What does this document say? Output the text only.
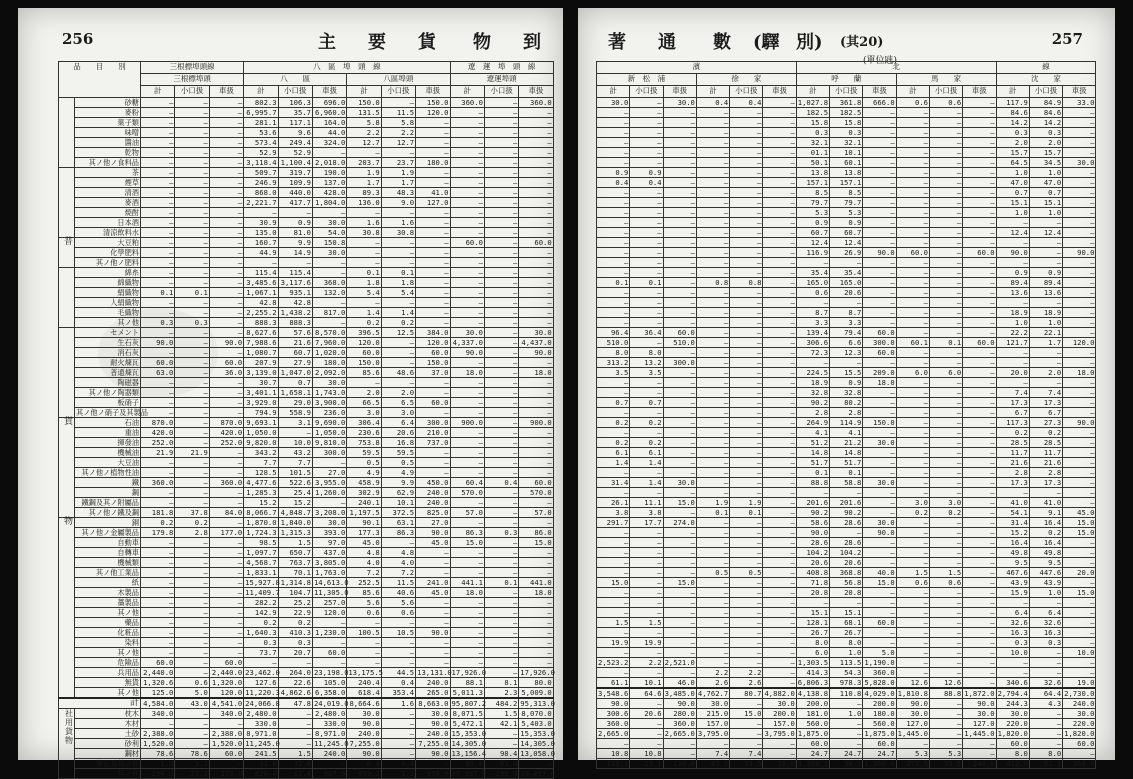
256	主 要 貨 物 到
品　　目　　別		三根標埠頭線			八　區　埠　頭　線						遼　運　埠　頭　線		
		三根標埠頭			八　　區			八區埠頭			遼運埠頭		
		計	小口扱	車扱	計	小口扱	車扱	計	小口扱	車扱	計	小口扱	車扱
	砂糖	—	—	—	802.3	106.3	696.0	150.0	—	150.0	360.0	—	360.0
	麥粉	—	—	—	6,995.7	35.7	6,960.0	131.5	11.5	120.0	—	—	—
	菓子類	—	—	—	281.1	117.1	164.0	5.8	5.8	—	—	—	—
	味噌	—	—	—	53.6	9.6	44.0	2.2	2.2	—	—	—	—
	醬油	—	—	—	573.4	249.4	324.0	12.7	12.7	—	—	—	—
	乾物	—	—	—	52.9	52.9	—	—	—	—	—	—	—
	其ノ他ノ食料品	—	—	—	3,118.4	1,100.4	2,018.0	203.7	23.7	180.0	—	—	—
	茶	—	—	—	509.7	319.7	190.0	1.9	1.9	—	—	—	—
	煙草	—	—	—	246.9	109.9	137.0	1.7	1.7	—	—	—	—
	清酒	—	—	—	868.0	440.0	428.0	89.3	48.3	41.0	—	—	—
	麥酒	—	—	—	2,221.7	417.7	1,804.0	136.0	9.0	127.0	—	—	—
	焼酎	—	—	—	—	—	—	—	—	—	—	—	—
	日本酒	—	—	—	30.9	0.9	30.0	1.6	1.6	—	—	—	—
	清涼飲料水	—	—	—	135.0	81.0	54.0	30.8	30.8	—	—	—	—
普	大豆粕	—	—	—	160.7	9.9	150.8	—	—	—	60.0	—	60.0
	化學肥料	—	—	—	44.9	14.9	30.0	—	—	—	—	—	—
	其ノ他ノ肥料	—	—	—	—	—	—	—	—	—	—	—	—
	綿糸	—	—	—	115.4	115.4	—	0.1	0.1	—	—	—	—
	綿織物	—	—	—	3,485.6	3,117.6	368.0	1.8	1.8	—	—	—	—
	絹織物	0.1	0.1	—	1,067.1	935.1	132.0	5.4	5.4	—	—	—	—
	人絹織物	—	—	—	42.8	42.8	—	—	—	—	—	—	—
	毛織物	—	—	—	2,255.2	1,438.2	817.0	1.4	1.4	—	—	—	—
	其ノ他	0.3	0.3	—	888.3	888.3	—	0.2	0.2	—	—	—	—
	セメント	—	—	—	8,627.6	57.6	8,570.0	396.5	12.5	384.0	30.0	—	30.0
	生石灰	90.0	—	90.0	7,988.6	21.6	7,960.0	120.0	—	120.0	4,337.0	—	4,437.0
	消石灰	—	—	—	1,080.7	60.7	1,020.0	60.0	—	60.0	90.0	—	90.0
	耐火煉瓦	60.0	—	60.0	207.9	27.9	180.0	150.0	—	150.0	—	—	—
	普通煉瓦	63.0	—	36.0	3,139.0	1,047.0	2,092.0	85.6	48.6	37.0	18.0	—	18.0
	陶磁器	—	—	—	30.7	0.7	30.0	—	—	—	—	—	—
	其ノ他ノ陶器類	—	—	—	3,401.1	1,658.1	1,743.0	2.0	2.0	—	—	—	—
	板硝子	—	—	—	3,929.0	29.0	3,900.0	66.5	6.5	60.0	—	—	—
	其ノ他ノ硝子及其製品	—	—	—	794.9	558.9	236.0	3.0	3.0	—	—	—	—
貨	石油	870.0	—	870.0	9,693.1	3.1	9,690.0	306.4	6.4	300.0	900.0	—	900.0
	重油	420.0	—	420.0	1,050.0	—	1,050.0	230.6	20.6	210.0	—	—	—
	揮發油	252.0	—	252.0	9,820.0	10.0	9,810.0	753.8	16.8	737.0	—	—	—
	機械油	21.9	21.9	—	343.2	43.2	300.0	59.5	59.5	—	—	—	—
	大豆油	—	—	—	7.7	7.7	—	0.5	0.5	—	—	—	—
	其ノ他ノ植物性油	—	—	—	128.5	101.5	27.0	4.9	4.9	—	—	—	—
	鐵	360.0	—	360.0	4,477.6	522.6	3,955.0	458.9	9.9	450.0	60.4	0.4	60.0
	鋼	—	—	—	1,285.3	25.4	1,260.0	302.9	62.9	240.0	570.0	—	570.0
	鐵鋼及其ノ附屬品	—	—	—	15.2	15.2	—	240.1	10.1	240.0	—	—	—
	其ノ他ノ鐵及鋼	181.8	37.8	84.0	8,066.7	4,848.7	3,208.0	1,197.5	372.5	825.0	57.0	—	57.0
物	銅	0.2	0.2	—	1,870.0	1,840.0	30.0	90.1	63.1	27.0	—	—	—
	其ノ他ノ金屬製品	179.8	2.8	177.0	1,724.3	1,315.3	393.0	177.3	86.3	90.0	86.3	0.3	86.0
	自動車	—	—	—	98.5	1.5	97.0	45.0	—	45.0	15.0	—	15.0
	自轉車	—	—	—	1,097.7	650.7	437.0	4.8	4.8	—	—	—	—
	機械類	—	—	—	4,568.7	763.7	3,805.0	4.0	4.0	—	—	—	—
	其ノ他工業品	—	—	—	1,833.1	70.1	1,763.0	7.2	7.2	—	—	—	—
	紙	—	—	—	15,927.8	1,314.8	14,613.0	252.5	11.5	241.0	441.1	0.1	441.0
	木製品	—	—	—	11,409.7	104.7	11,305.0	85.6	40.6	45.0	18.0	—	18.0
	藁製品	—	—	—	282.2	25.2	257.0	5.6	5.6	—	—	—	—
	其ノ他	—	—	—	142.9	22.9	120.0	0.6	0.6	—	—	—	—
	藥品	—	—	—	0.2	0.2	—	—	—	—	—	—	—
	化粧品	—	—	—	1,640.3	410.3	1,230.0	100.5	10.5	90.0	—	—	—
	染料	—	—	—	0.3	0.3	—	—	—	—	—	—	—
	其ノ他	—	—	—	73.7	20.7	60.0	—	—	—	—	—	—
	危險品	60.0	—	60.0	—	—	—	—	—	—	—	—	—
	兵用品	2,440.0	—	2,440.0	23,462.0	264.0	23,198.0	13,175.5	44.5	13,131.0	17,926.0	—	17,926.0
	無貨	1,320.6	0.6	1,320.0	127.6	22.6	105.0	240.4	0.4	240.0	88.1	8.1	80.0
	其ノ他	125.0	5.0	120.0	11,220.3	4,862.6	6,358.0	618.4	353.4	265.0	5,011.3	2.3	5,009.0
計		4,584.0	43.0	4,541.0	24,066.8	47.8	24,019.0	8,664.6	1.6	8,663.0	95,807.2	484.2	95,313.0
社用貨物	枕木	340.0	—	340.0	2,480.0	—	2,480.0	30.0	—	30.0	8,071.5	1.5	8,070.0
	木材	—	—	—	330.0	—	330.0	90.0	—	90.0	5,472.1	42.1	5,403.0
	土砂	2,388.0	—	2,388.0	8,971.0	—	8,971.0	240.0	—	240.0	15,353.0	—	15,353.0
	砂利	1,520.0	—	1,520.0	11,245.0	—	11,245.0	7,255.0	—	7,255.0	14,305.0	—	14,305.0
	鋼材	78.6	78.6	60.0	241.5	1.5	240.0	90.0	—	90.0	13,156.4	98.4	13,058.0
	煉瓦及其ノ他	1.2	1.2	—	32.8	32.8	—	0.4	0.4	—	63.4	63.4	—
	其ノ他	256.2	23.2	233.0	820.4	12.4	807.0	959.2	1.2	958.0	39,385.9	288.9	39,097.0
257
著 通 數 (驛 別) (其20)
(單位瓲)
濱						北						線		
新　松　浦			徐　　家			呼　　蘭			馬　　家			沈　　家		
計	小口扱	車扱	計	小口扱	車扱	計	小口扱	車扱	計	小口扱	車扱	計	小口扱	車扱
30.0	—	30.0	0.4	0.4	—	1,027.8	361.8	666.0	0.6	0.6	—	117.9	84.9	33.0
—	—	—	—	—	—	182.5	182.5	—	—	—	—	84.6	84.6	—
—	—	—	—	—	—	15.8	15.8	—	—	—	—	14.2	14.2	—
—	—	—	—	—	—	0.3	0.3	—	—	—	—	0.3	0.3	—
—	—	—	—	—	—	32.1	32.1	—	—	—	—	2.0	2.0	—
—	—	—	—	—	—	01.1	10.1	—	—	—	—	15.7	15.7	—
—	—	—	—	—	—	50.1	60.1	—	—	—	—	64.5	34.5	30.0
0.9	0.9	—	—	—	—	13.8	13.8	—	—	—	—	1.0	1.0	—
0.4	0.4	—	—	—	—	157.1	157.1	—	—	—	—	47.0	47.0	—
—	—	—	—	—	—	8.5	8.5	—	—	—	—	0.7	0.7	—
—	—	—	—	—	—	79.7	79.7	—	—	—	—	15.1	15.1	—
—	—	—	—	—	—	5.3	5.3	—	—	—	—	1.0	1.0	—
—	—	—	—	—	—	0.9	0.9	—	—	—	—	—	—	—
—	—	—	—	—	—	60.7	60.7	—	—	—	—	12.4	12.4	—
—	—	—	—	—	—	12.4	12.4	—	—	—	—	—	—	—
—	—	—	—	—	—	116.9	26.9	90.0	60.0	—	60.0	90.0	—	90.0
—	—	—	—	—	—	—	—	—	—	—	—	—	—	—
—	—	—	—	—	—	35.4	35.4	—	—	—	—	0.9	0.9	—
0.1	0.1	—	0.8	0.8	—	165.0	165.0	—	—	—	—	89.4	89.4	—
—	—	—	—	—	—	0.6	20.6	—	—	—	—	13.6	13.6	—
—	—	—	—	—	—	—	—	—	—	—	—	—	—	—
—	—	—	—	—	—	8.7	8.7	—	—	—	—	18.9	18.9	—
—	—	—	—	—	—	3.3	3.3	—	—	—	—	1.0	1.0	—
96.4	36.4	60.0	—	—	—	139.4	79.4	60.0	—	—	—	22.2	22.1	—
510.0	—	510.0	—	—	—	306.6	6.6	300.0	60.1	0.1	60.0	121.7	1.7	120.0
8.0	8.0	—	—	—	—	72.3	12.3	60.0	—	—	—	—	—	—
313.2	13.2	300.0	—	—	—	—	—	—	—	—	—	—	—	—
3.5	3.5	—	—	—	—	224.5	15.5	209.0	6.0	6.0	—	20.0	2.0	18.0
—	—	—	—	—	—	18.9	0.9	18.0	—	—	—	—	—	—
—	—	—	—	—	—	32.8	32.8	—	—	—	—	7.4	7.4	—
0.7	0.7	—	—	—	—	90.2	80.2	—	—	—	—	17.3	17.3	—
—	—	—	—	—	—	2.8	2.8	—	—	—	—	6.7	6.7	—
0.2	0.2	—	—	—	—	264.9	114.9	150.0	—	—	—	117.3	27.3	90.0
—	—	—	—	—	—	4.1	4.1	—	—	—	—	0.2	0.2	—
0.2	0.2	—	—	—	—	51.2	21.2	30.0	—	—	—	28.5	28.5	—
6.1	6.1	—	—	—	—	14.8	14.8	—	—	—	—	11.7	11.7	—
1.4	1.4	—	—	—	—	51.7	51.7	—	—	—	—	21.6	21.6	—
—	—	—	—	—	—	0.1	0.1	—	—	—	—	2.8	2.8	—
31.4	1.4	30.0	—	—	—	88.8	58.8	30.0	—	—	—	17.3	17.3	—
—	—	—	—	—	—	—	—	—	—	—	—	—	—	—
26.1	11.1	15.0	1.9	1.9	—	201.6	201.6	—	3.0	3.0	—	41.0	41.0	—
3.8	3.8	—	0.1	0.1	—	90.2	90.2	—	0.2	0.2	—	54.1	9.1	45.0
291.7	17.7	274.0	—	—	—	58.6	28.6	30.0	—	—	—	31.4	16.4	15.0
—	—	—	—	—	—	90.0	—	90.0	—	—	—	15.2	0.2	15.0
—	—	—	—	—	—	28.6	28.6	—	—	—	—	16.4	16.4	—
—	—	—	—	—	—	104.2	104.2	—	—	—	—	49.8	49.8	—
—	—	—	—	—	—	20.6	20.6	—	—	—	—	9.5	9.5	—
—	—	—	0.5	0.5	—	408.8	368.8	40.0	1.5	1.5	—	467.6	447.6	20.0
15.0	—	15.0	—	—	—	71.8	56.8	15.0	0.6	0.6	—	43.9	43.9	—
—	—	—	—	—	—	20.8	20.8	—	—	—	—	15.9	1.0	15.0
—	—	—	—	—	—	—	—	—	—	—	—	—	—	—
—	—	—	—	—	—	15.1	15.1	—	—	—	—	6.4	6.4	—
1.5	1.5	—	—	—	—	128.1	68.1	60.0	—	—	—	32.6	32.6	—
—	—	—	—	—	—	26.7	26.7	—	—	—	—	16.3	16.3	—
19.9	19.9	—	—	—	—	8.0	8.0	—	—	—	—	0.3	0.3	—
—	—	—	—	—	—	6.0	1.0	5.0	—	—	—	10.0	—	10.0
2,523.2	2.2	2,521.0	—	—	—	1,303.5	113.5	1,190.0	—	—	—	—	—	—
—	—	—	2.2	2.2	—	414.3	54.3	360.0	—	—	—	—	—	—
61.1	10.1	46.0	2.6	2.6	—	6,806.3	978.3	5,828.0	12.6	12.6	—	340.6	32.6	19.0
3,548.6	64.6	3,485.0	4,762.7	80.7	4,882.0	4,138.8	110.8	4,029.0	1,810.8	88.8	1,872.0	2,794.4	64.4	2,730.0
90.0	—	90.0	30.0	—	30.0	200.0	—	200.0	90.0	—	90.0	244.3	4.3	240.0
300.6	20.6	280.0	215.0	15.0	200.0	181.0	1.0	180.0	30.0	—	30.0	30.0	—	30.0
360.0	—	360.0	157.0	—	157.0	560.0	—	560.0	127.0	—	127.0	220.0	—	220.0
2,665.0	—	2,665.0	3,795.0	—	3,795.0	1,875.0	—	1,875.0	1,445.0	—	1,445.0	1,820.0	—	1,820.0
—	—	—	—	—	—	60.0	—	60.0	—	—	—	60.0	—	60.0
10.8	10.8	—	7.4	7.4	—	24.7	24.7	24.7	5.3	5.3	—	8.0	8.0	—
133.1	23.1	110.0	43.5	33.5	10.0	1,398.1	38.1	1,360.0	273.5	33.5	240.0	412.0	52.1	360.0
